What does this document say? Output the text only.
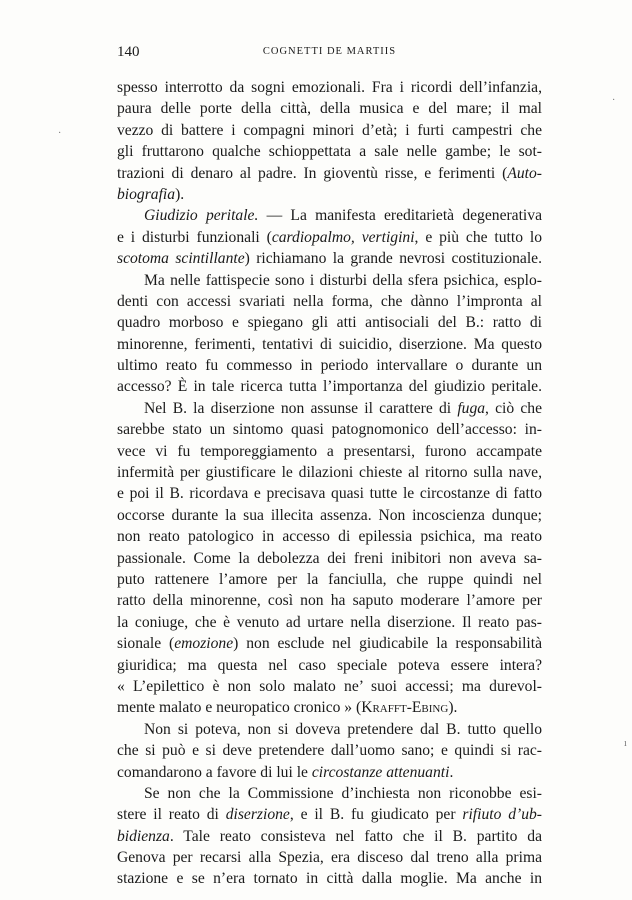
140	COGNETTI DE MARTIIS
spesso interrotto da sogni emozionali. Fra i ricordi dell’infanzia,
paura delle porte della città, della musica e del mare; il mal
vezzo di battere i compagni minori d’età; i furti campestri che
gli fruttarono qualche schioppettata a sale nelle gambe; le sot-
trazioni di denaro al padre. In gioventù risse, e ferimenti (Auto-
biografia).
Giudizio peritale. — La manifesta ereditarietà degenerativa
e i disturbi funzionali (cardiopalmo, vertigini, e più che tutto lo
scotoma scintillante) richiamano la grande nevrosi costituzionale.
Ma nelle fattispecie sono i disturbi della sfera psichica, esplo-
denti con accessi svariati nella forma, che dànno l’impronta al
quadro morboso e spiegano gli atti antisociali del B.: ratto di
minorenne, ferimenti, tentativi di suicidio, diserzione. Ma questo
ultimo reato fu commesso in periodo intervallare o durante un
accesso? È in tale ricerca tutta l’importanza del giudizio peritale.
Nel B. la diserzione non assunse il carattere di fuga, ciò che
sarebbe stato un sintomo quasi patognomonico dell’accesso: in-
vece vi fu temporeggiamento a presentarsi, furono accampate
infermità per giustificare le dilazioni chieste al ritorno sulla nave,
e poi il B. ricordava e precisava quasi tutte le circostanze di fatto
occorse durante la sua illecita assenza. Non incoscienza dunque;
non reato patologico in accesso di epilessia psichica, ma reato
passionale. Come la debolezza dei freni inibitori non aveva sa-
puto rattenere l’amore per la fanciulla, che ruppe quindi nel
ratto della minorenne, così non ha saputo moderare l’amore per
la coniuge, che è venuto ad urtare nella diserzione. Il reato pas-
sionale (emozione) non esclude nel giudicabile la responsabilità
giuridica; ma questa nel caso speciale poteva essere intera?
« L’epilettico è non solo malato ne’ suoi accessi; ma durevol-
mente malato e neuropatico cronico » (Krafft-Ebing).
Non si poteva, non si doveva pretendere dal B. tutto quello
che si può e si deve pretendere dall’uomo sano; e quindi si rac-
comandarono a favore di lui le circostanze attenuanti.
Se non che la Commissione d’inchiesta non riconobbe esi-
stere il reato di diserzione, e il B. fu giudicato per rifiuto d’ub-
bidienza. Tale reato consisteva nel fatto che il B. partito da
Genova per recarsi alla Spezia, era disceso dal treno alla prima
stazione e se n’era tornato in città dalla moglie. Ma anche in
·
·
ı
